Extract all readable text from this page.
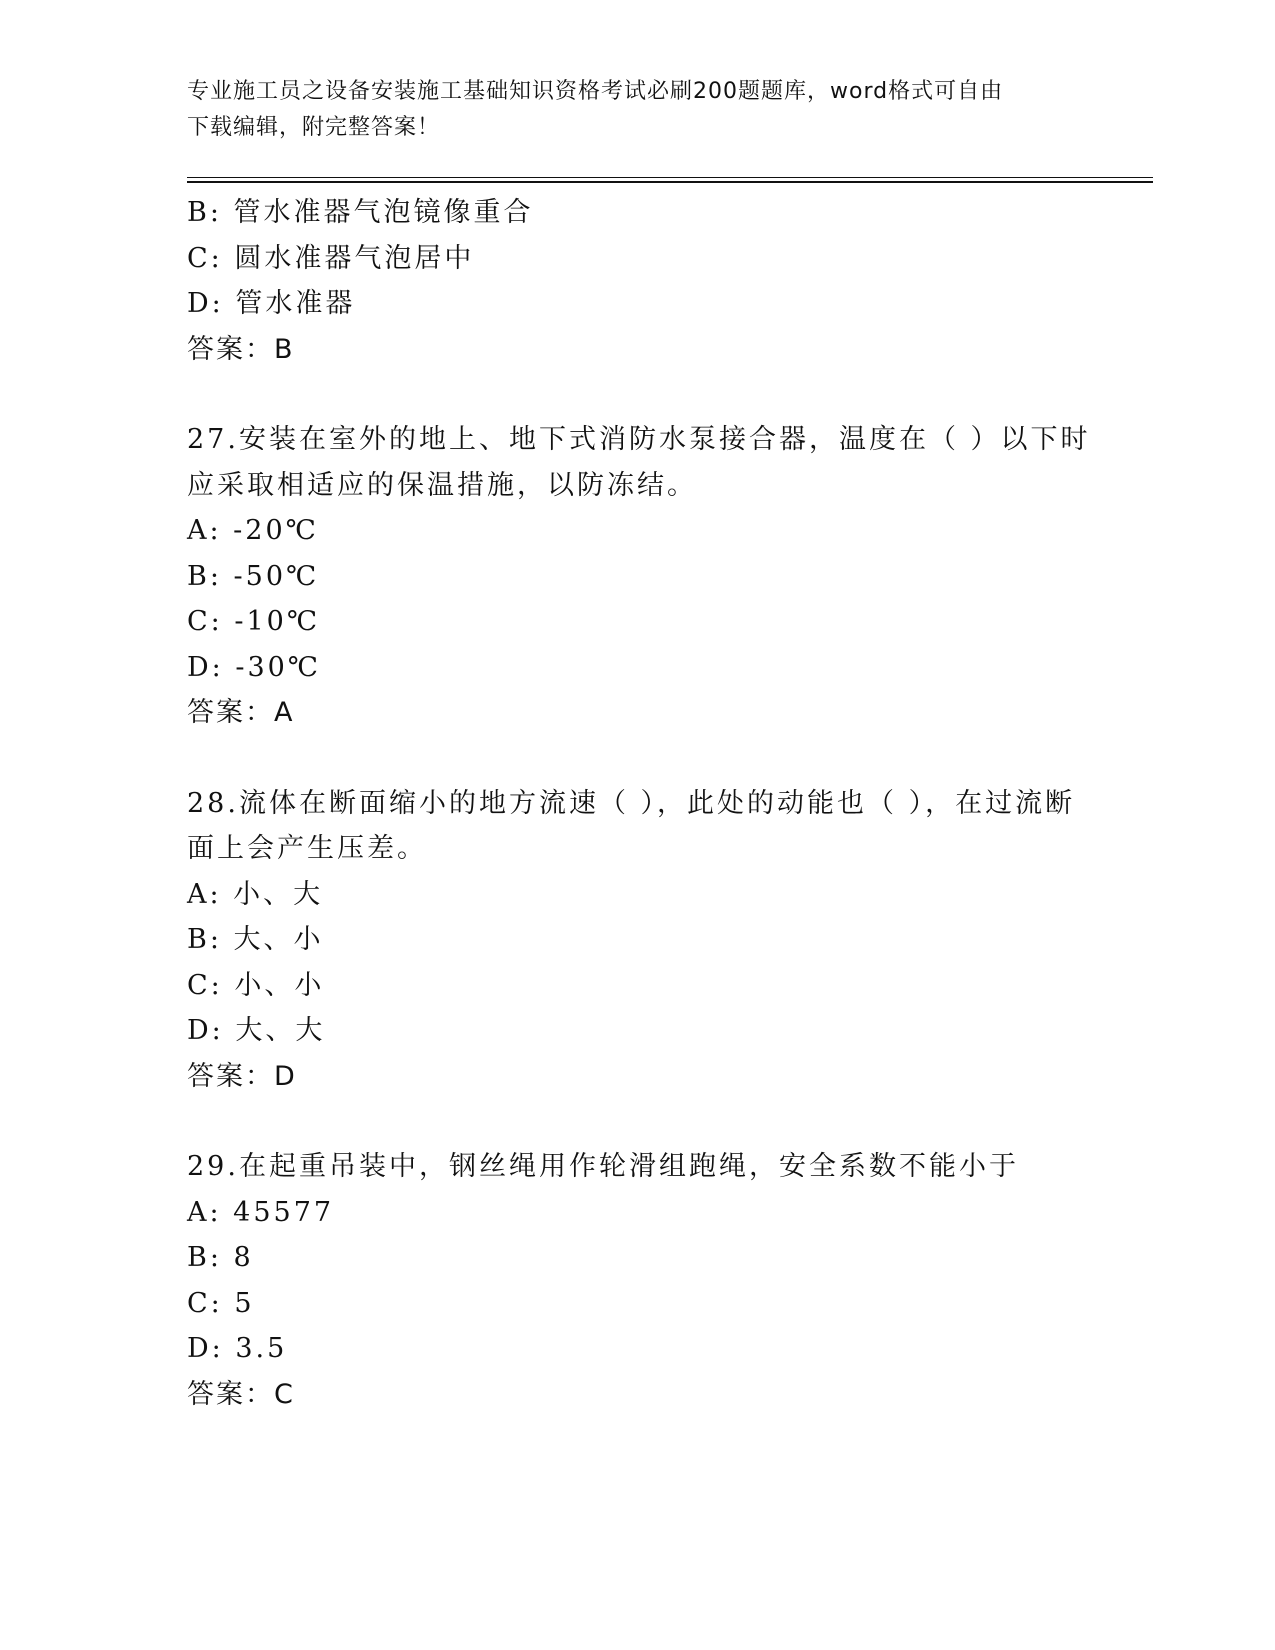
专业施工员之设备安装施工基础知识资格考试必刷200题题库，word格式可自由
下载编辑，附完整答案！
B: 管水准器气泡镜像重合
C: 圆水准器气泡居中
D: 管水准器
答案：B
27.安装在室外的地上、地下式消防水泵接合器，温度在（ ）以下时
应采取相适应的保温措施，以防冻结。
A: -20℃
B: -50℃
C: -10℃
D: -30℃
答案：A
28.流体在断面缩小的地方流速（ ），此处的动能也（ ），在过流断
面上会产生压差。
A: 小、大
B: 大、小
C: 小、小
D: 大、大
答案：D
29.在起重吊装中，钢丝绳用作轮滑组跑绳，安全系数不能小于
A: 45577
B: 8
C: 5
D: 3.5
答案：C
